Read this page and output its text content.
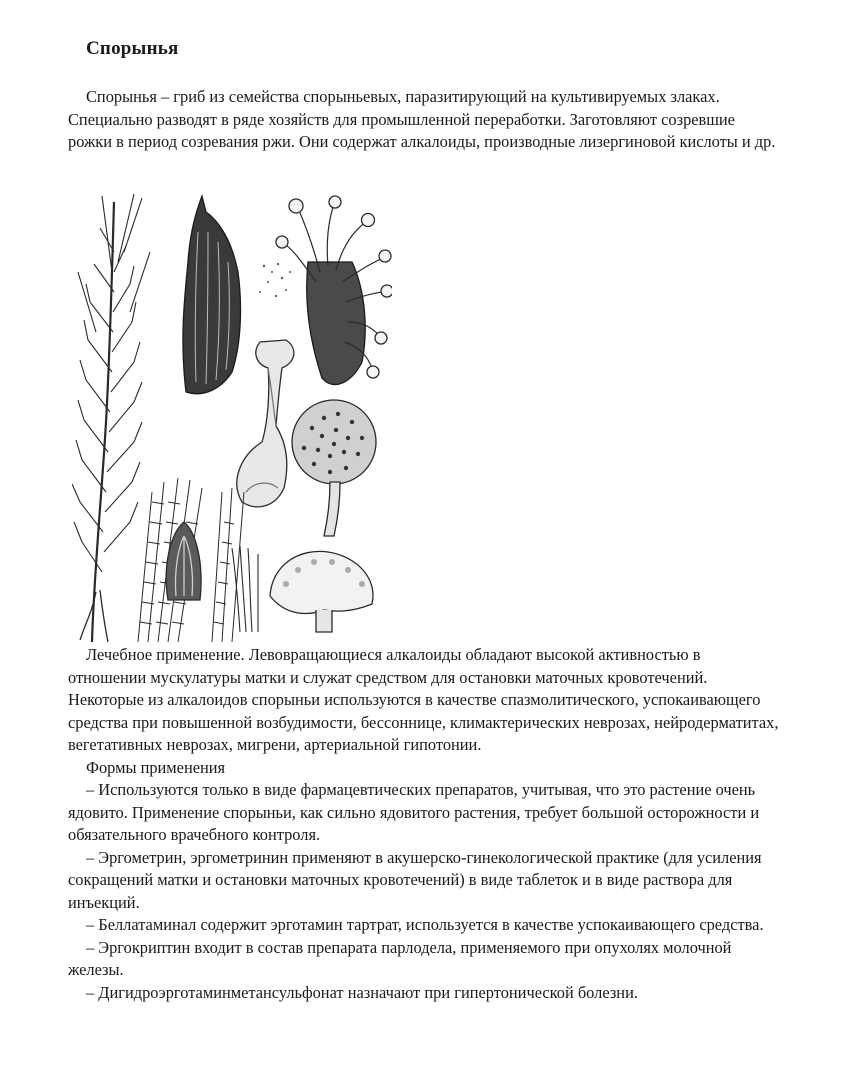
Спорынья

Спорынья – гриб из семейства спорыньевых, паразитирующий на культивируемых злаках. Специально разводят в ряде хозяйств для промышленной переработки. Заготовляют созревшие рожки в период созревания ржи. Они содержат алкалоиды, производные лизергиновой кислоты и др.

Лечебное применение. Левовращающиеся алкалоиды обладают высокой активностью в отношении мускулатуры матки и служат средством для остановки маточных кровотечений. Некоторые из алкалоидов спорыньи используются в качестве спазмолитического, успокаивающего средства при повышенной возбудимости, бессоннице, климактерических неврозах, нейродерматитах, вегетативных неврозах, мигрени, артериальной гипотонии.

Формы применения

– Используются только в виде фармацевтических препаратов, учитывая, что это растение очень ядовито. Применение спорыньи, как сильно ядовитого растения, требует большой осторожности и обязательного врачебного контроля.

– Эргометрин, эргометринин применяют в акушерско-гинекологической практике (для усиления сокращений матки и остановки маточных кровотечений) в виде таблеток и в виде раствора для инъекций.

– Беллатаминал содержит эрготамин тартрат, используется в качестве успокаивающего средства.

– Эргокриптин входит в состав препарата парлодела, применяемого при опухолях молочной железы.

– Дигидроэрготаминметансульфонат назначают при гипертонической болезни.
